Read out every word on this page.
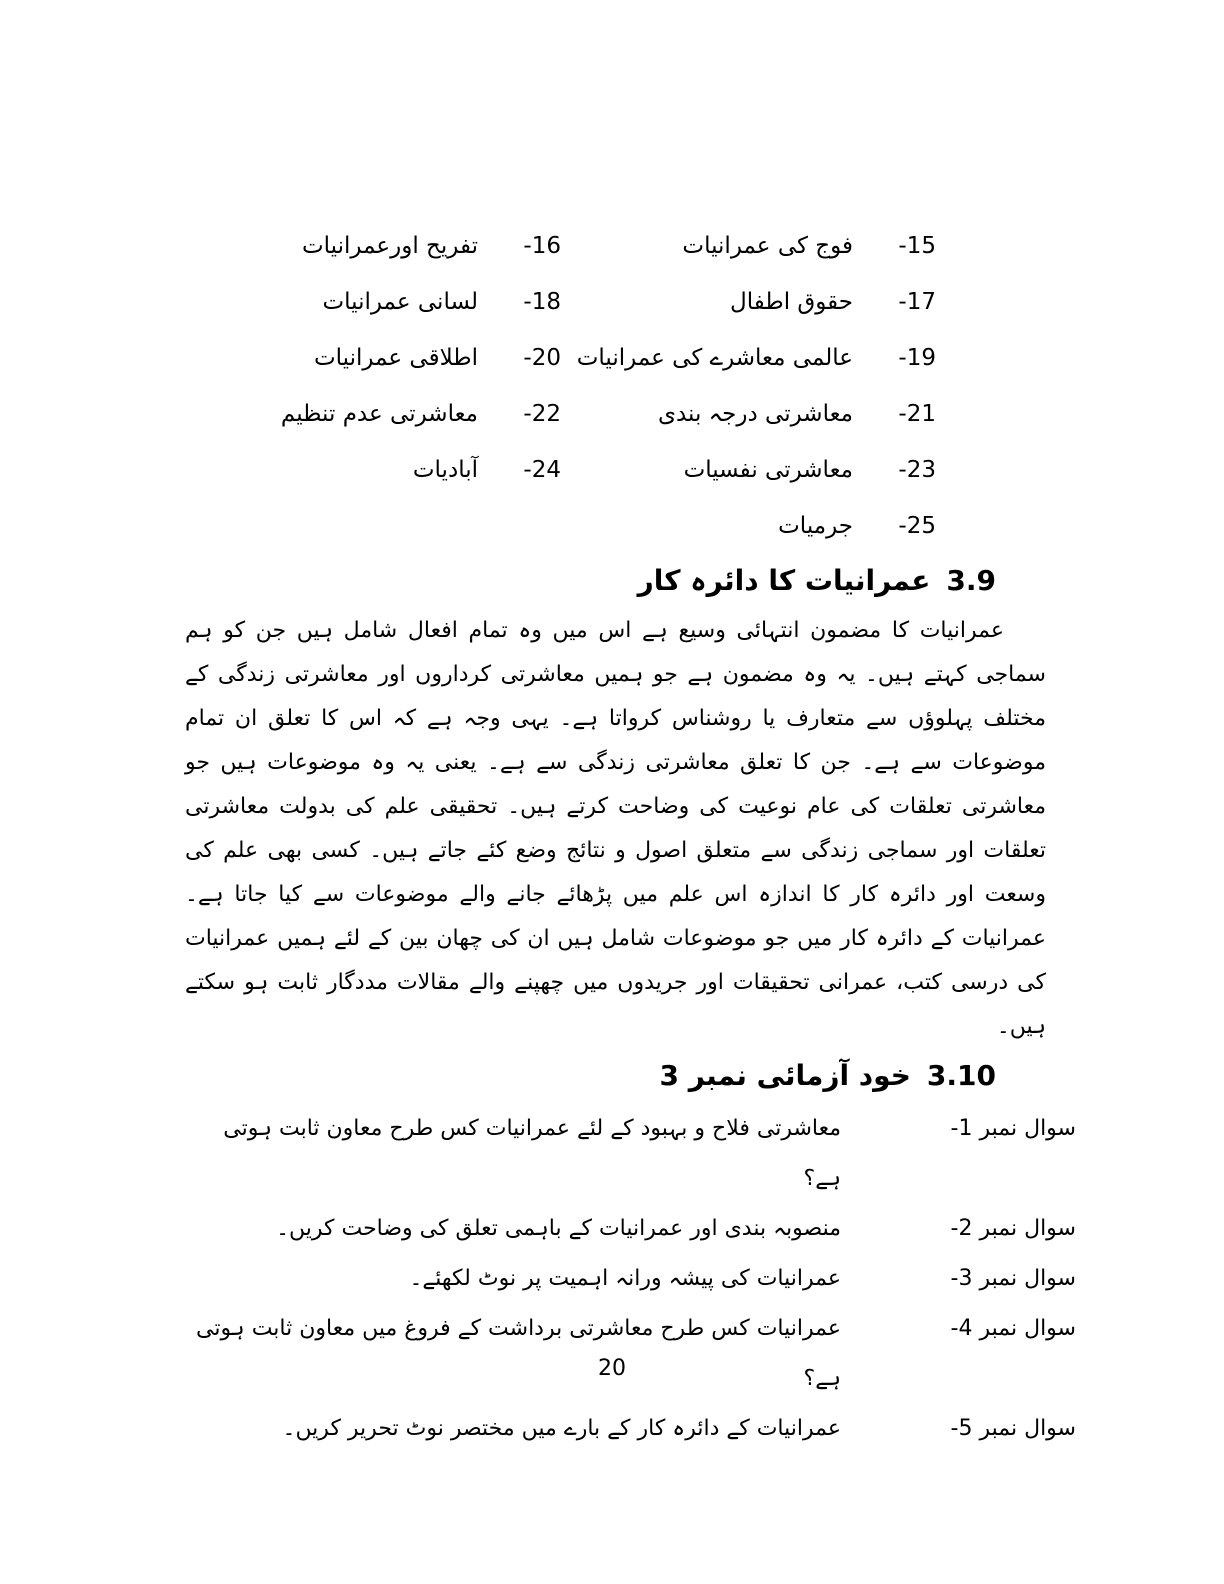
15-
فوج کی عمرانیات
16-
تفریح اورعمرانیات
17-
حقوق اطفال
18-
لسانی عمرانیات
19-
عالمی معاشرے کی عمرانیات
20-
اطلاقی عمرانیات
21-
معاشرتی درجہ بندی
22-
معاشرتی عدم تنظیم
23-
معاشرتی نفسیات
24-
آبادیات
25-
جرمیات
3.9
عمرانیات کا دائرہ کار

عمرانیات کا مضمون انتہائی وسیع ہے اس میں وہ تمام افعال شامل ہیں جن کو ہم سماجی کہتے ہیں۔ یہ وہ مضمون ہے جو ہمیں معاشرتی کرداروں اور معاشرتی زندگی کے مختلف پہلوؤں سے متعارف یا روشناس کرواتا ہے۔ یہی وجہ ہے کہ اس کا تعلق ان تمام موضوعات سے ہے۔ جن کا تعلق معاشرتی زندگی سے ہے۔ یعنی یہ وہ موضوعات ہیں جو معاشرتی تعلقات کی عام نوعیت کی وضاحت کرتے ہیں۔ تحقیقی علم کی بدولت معاشرتی تعلقات اور سماجی زندگی سے متعلق اصول و نتائج وضع کئے جاتے ہیں۔ کسی بھی علم کی وسعت اور دائرہ کار کا اندازہ اس علم میں پڑھائے جانے والے موضوعات سے کیا جاتا ہے۔ عمرانیات کے دائرہ کار میں جو موضوعات شامل ہیں ان کی چھان بین کے لئے ہمیں عمرانیات کی درسی کتب، عمرانی تحقیقات اور جریدوں میں چھپنے والے مقالات مددگار ثابت ہو سکتے ہیں۔

3.10
خود آزمائی نمبر 3
سوال نمبر 1-
معاشرتی فلاح و بہبود کے لئے عمرانیات کس طرح معاون ثابت ہوتی ہے؟
سوال نمبر 2-
منصوبہ بندی اور عمرانیات کے باہمی تعلق کی وضاحت کریں۔
سوال نمبر 3-
عمرانیات کی پیشہ ورانہ اہمیت پر نوٹ لکھئے۔
سوال نمبر 4-
عمرانیات کس طرح معاشرتی برداشت کے فروغ میں معاون ثابت ہوتی ہے؟
سوال نمبر 5-
عمرانیات کے دائرہ کار کے بارے میں مختصر نوٹ تحریر کریں۔
20
